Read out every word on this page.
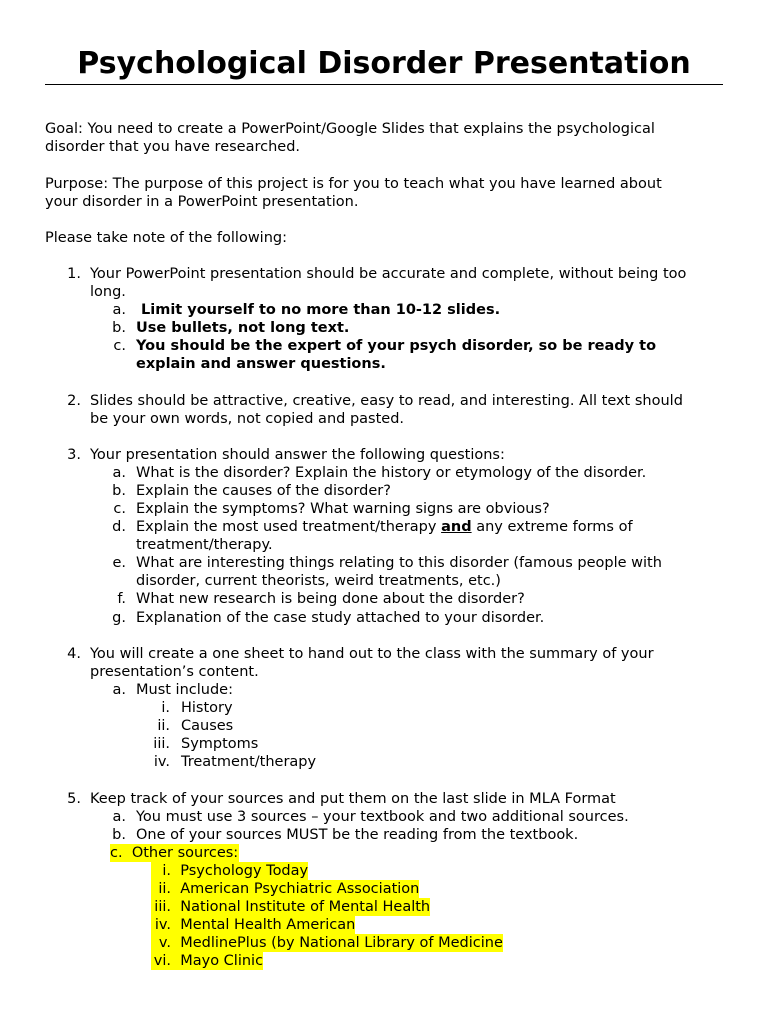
Psychological Disorder Presentation

Goal: You need to create a PowerPoint/Google Slides that explains the psychological
disorder that you have researched.

Purpose: The purpose of this project is for you to teach what you have learned about
your disorder in a PowerPoint presentation.

Please take note of the following:

1. Your PowerPoint presentation should be accurate and complete, without being too
long.
a. Limit yourself to no more than 10-12 slides.
b. Use bullets, not long text.
c. You should be the expert of your psych disorder, so be ready to
explain and answer questions.
2. Slides should be attractive, creative, easy to read, and interesting. All text should
be your own words, not copied and pasted.
3. Your presentation should answer the following questions:
a. What is the disorder? Explain the history or etymology of the disorder.
b. Explain the causes of the disorder?
c. Explain the symptoms? What warning signs are obvious?
d. Explain the most used treatment/therapy and any extreme forms of
treatment/therapy.
e. What are interesting things relating to this disorder (famous people with
disorder, current theorists, weird treatments, etc.)
f. What new research is being done about the disorder?
g. Explanation of the case study attached to your disorder.
4. You will create a one sheet to hand out to the class with the summary of your
presentation’s content.
a. Must include:
i. History
ii. Causes
iii. Symptoms
iv. Treatment/therapy
5. Keep track of your sources and put them on the last slide in MLA Format
a. You must use 3 sources – your textbook and two additional sources.
b. One of your sources MUST be the reading from the textbook.
c. Other sources:
i. Psychology Today
ii. American Psychiatric Association
iii. National Institute of Mental Health
iv. Mental Health American
v. MedlinePlus (by National Library of Medicine
vi. Mayo Clinic
